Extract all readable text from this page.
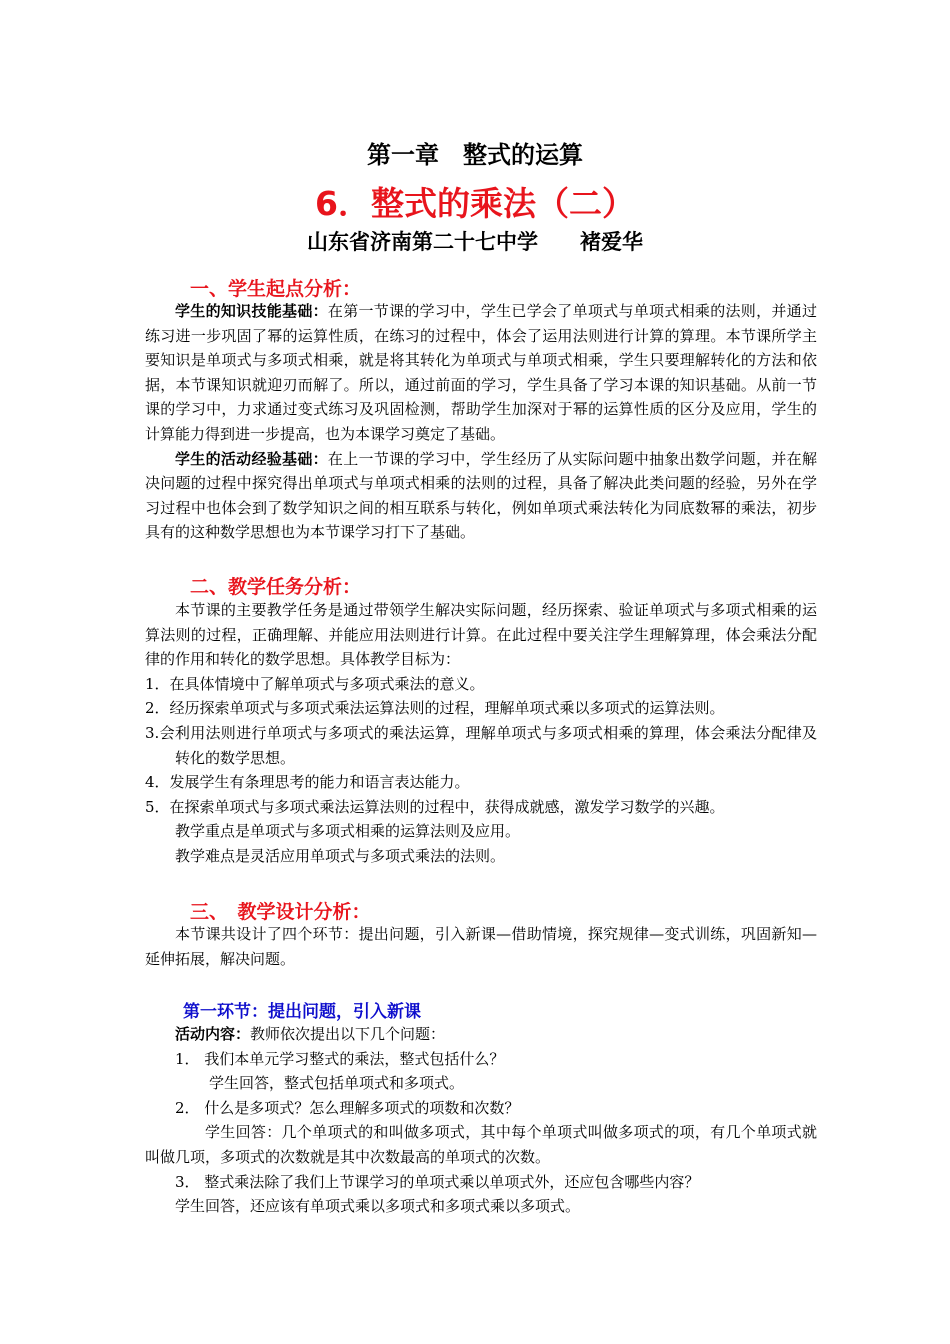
第一章　整式的运算
6．整式的乘法（二）
山东省济南第二十七中学　　褚爱华
一、学生起点分析：

学生的知识技能基础：在第一节课的学习中，学生已学会了单项式与单项式相乘的法则，并通过练习进一步巩固了幂的运算性质，在练习的过程中，体会了运用法则进行计算的算理。本节课所学主要知识是单项式与多项式相乘，就是将其转化为单项式与单项式相乘，学生只要理解转化的方法和依据，本节课知识就迎刃而解了。所以，通过前面的学习，学生具备了学习本课的知识基础。从前一节课的学习中，力求通过变式练习及巩固检测，帮助学生加深对于幂的运算性质的区分及应用，学生的计算能力得到进一步提高，也为本课学习奠定了基础。

学生的活动经验基础：在上一节课的学习中，学生经历了从实际问题中抽象出数学问题，并在解决问题的过程中探究得出单项式与单项式相乘的法则的过程，具备了解决此类问题的经验，另外在学习过程中也体会到了数学知识之间的相互联系与转化，例如单项式乘法转化为同底数幂的乘法，初步具有的这种数学思想也为本节课学习打下了基础。

二、教学任务分析：

本节课的主要教学任务是通过带领学生解决实际问题，经历探索、验证单项式与多项式相乘的运算法则的过程，正确理解、并能应用法则进行计算。在此过程中要关注学生理解算理，体会乘法分配律的作用和转化的数学思想。具体教学目标为：

1．在具体情境中了解单项式与多项式乘法的意义。

2．经历探索单项式与多项式乘法运算法则的过程，理解单项式乘以多项式的运算法则。

3.会利用法则进行单项式与多项式的乘法运算，理解单项式与多项式相乘的算理，体会乘法分配律及转化的数学思想。

4．发展学生有条理思考的能力和语言表达能力。

5．在探索单项式与多项式乘法运算法则的过程中，获得成就感，激发学习数学的兴趣。

教学重点是单项式与多项式相乘的运算法则及应用。

教学难点是灵活应用单项式与多项式乘法的法则。

三、　教学设计分析：

本节课共设计了四个环节：提出问题，引入新课—借助情境，探究规律—变式训练，巩固新知—延伸拓展，解决问题。

第一环节：提出问题，引入新课

活动内容：教师依次提出以下几个问题：

1． 我们本单元学习整式的乘法，整式包括什么？

学生回答，整式包括单项式和多项式。

2． 什么是多项式？怎么理解多项式的项数和次数？

学生回答：几个单项式的和叫做多项式，其中每个单项式叫做多项式的项，有几个单项式就叫做几项，多项式的次数就是其中次数最高的单项式的次数。

3． 整式乘法除了我们上节课学习的单项式乘以单项式外，还应包含哪些内容？

学生回答，还应该有单项式乘以多项式和多项式乘以多项式。
